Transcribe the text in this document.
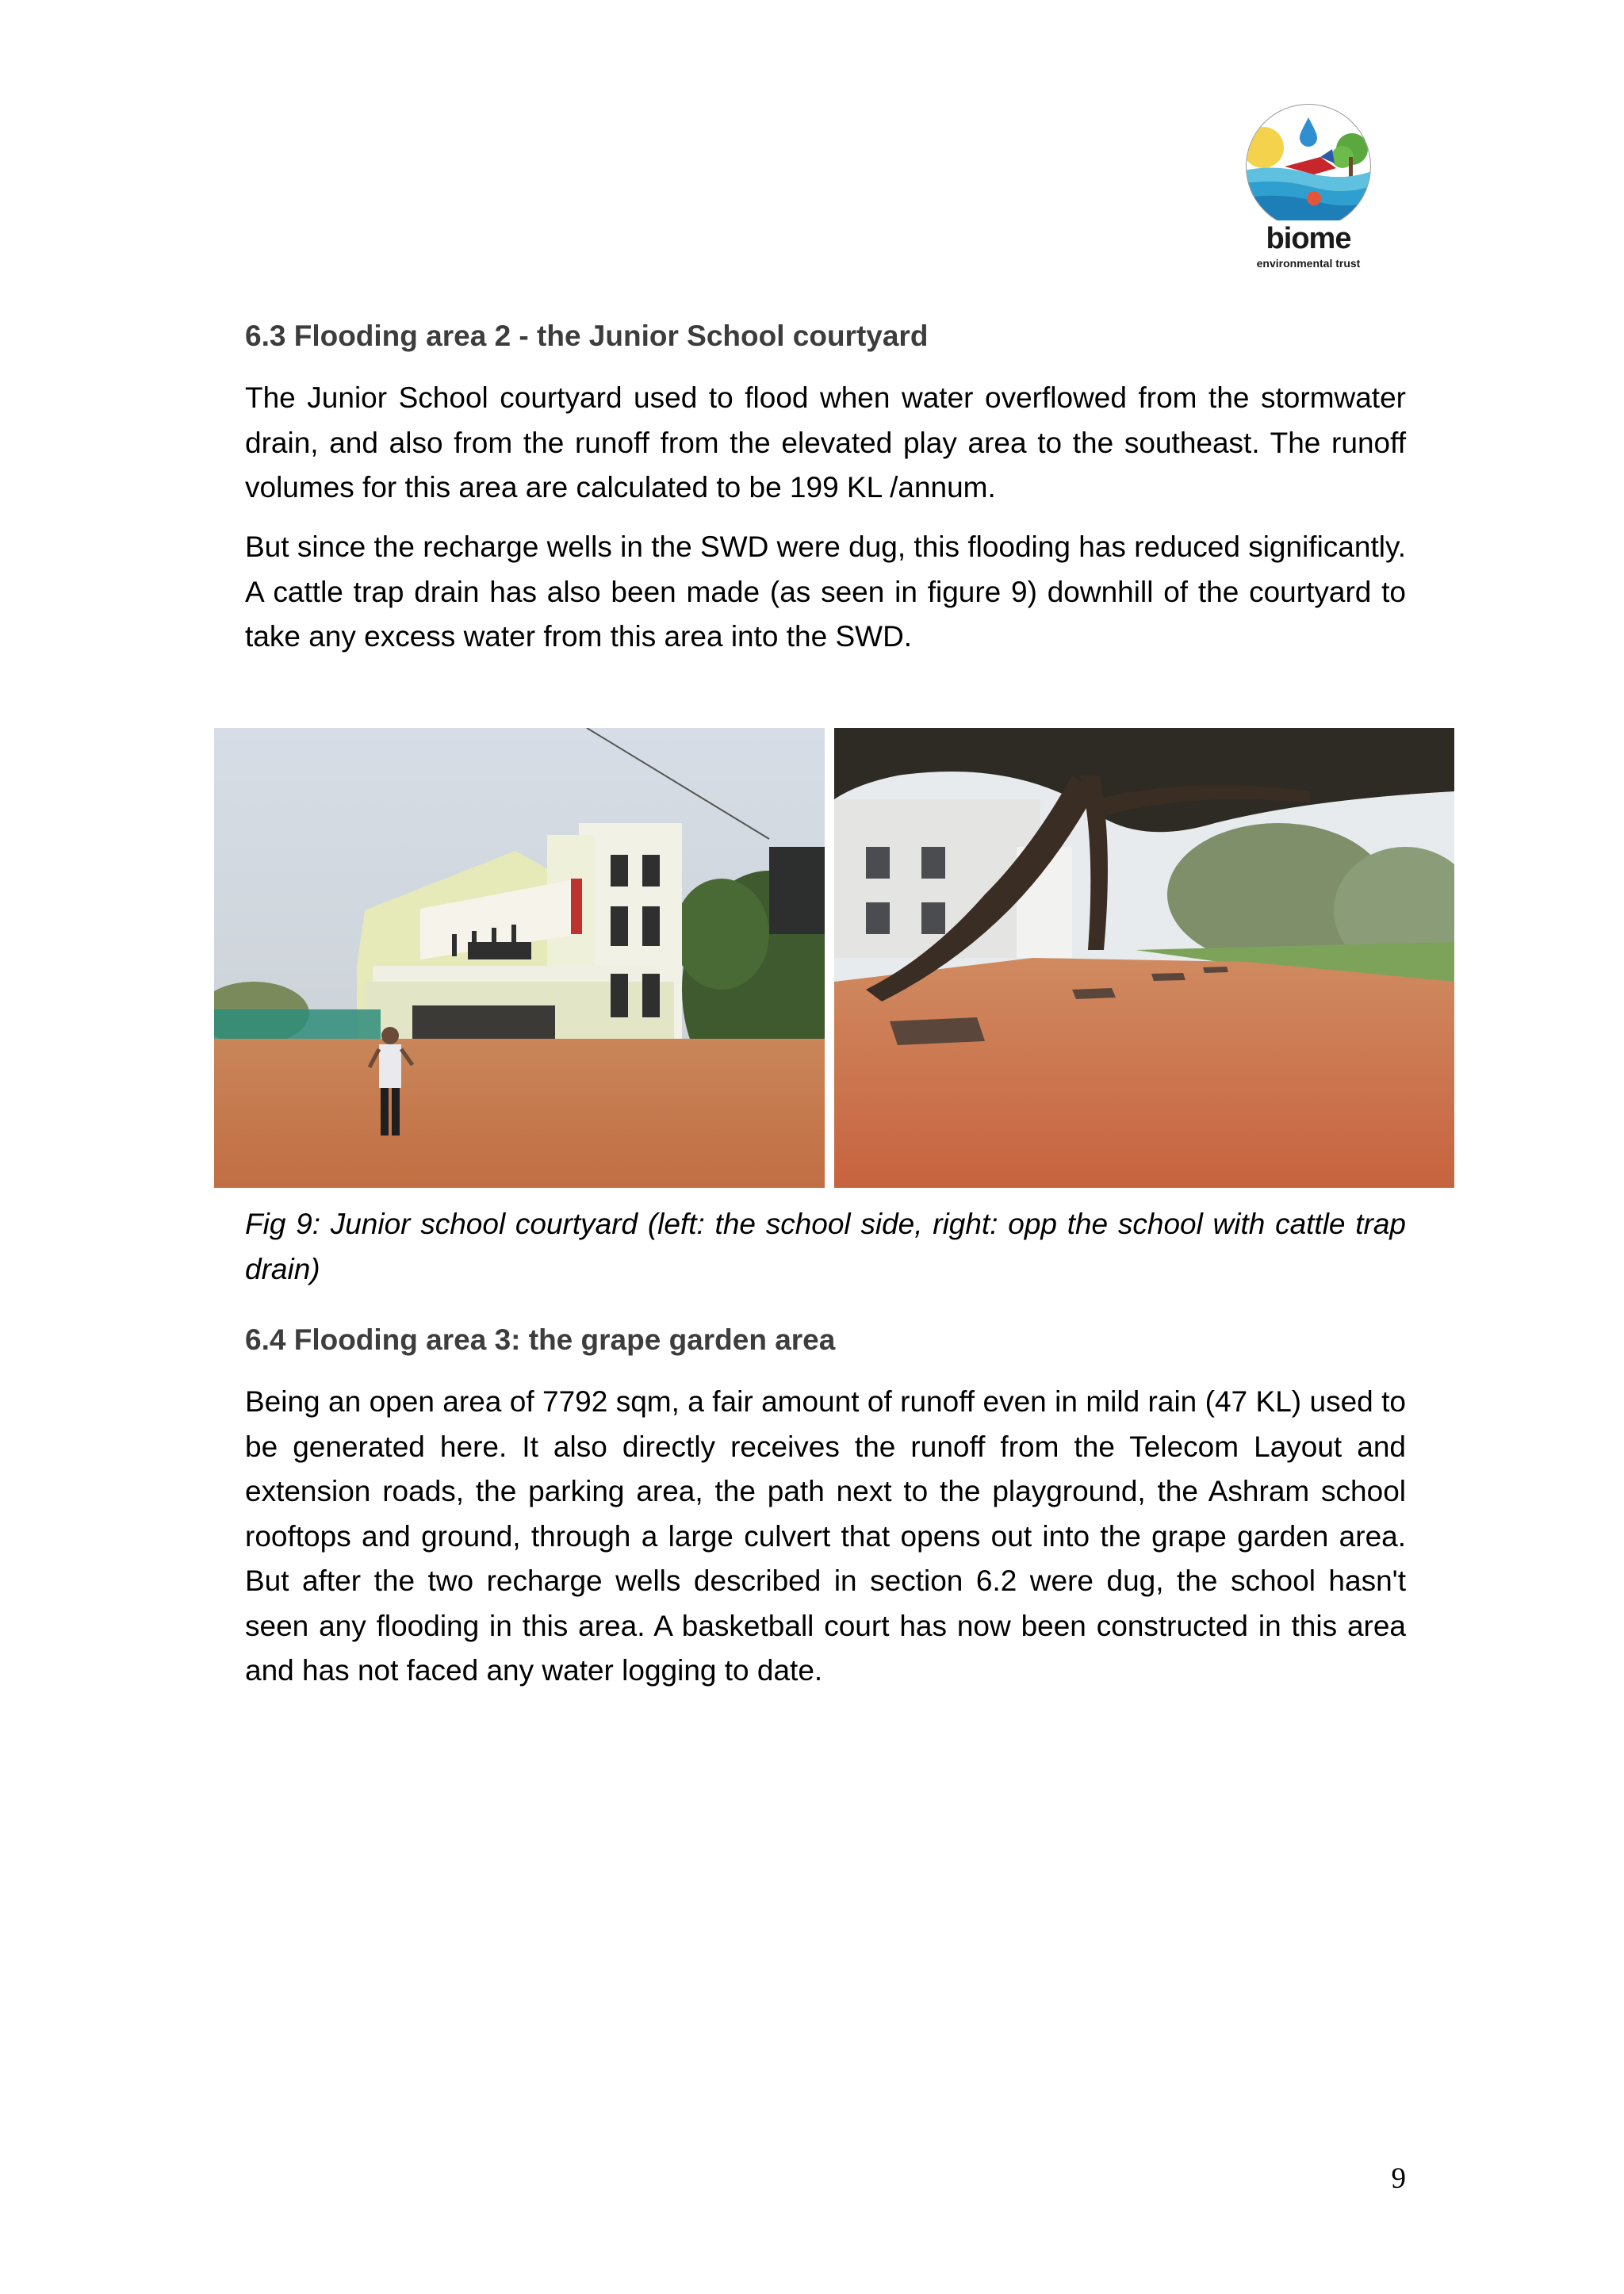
biome
environmental trust
6.3 Flooding area 2 - the Junior School courtyard
The Junior School courtyard used to flood when water overflowed from the stormwater drain, and also from the runoff from the elevated play area to the southeast. The runoff volumes for this area are calculated to be 199 KL /annum.
But since the recharge wells in the SWD were dug, this flooding has reduced significantly. A cattle trap drain has also been made (as seen in figure 9) downhill of the courtyard to take any excess water from this area into the SWD.
Fig 9: Junior school courtyard (left: the school side, right: opp the school with cattle trap drain)
6.4 Flooding area 3: the grape garden area
Being an open area of 7792 sqm, a fair amount of runoff even in mild rain (47 KL) used to be generated here. It also directly receives the runoff from the Telecom Layout and extension roads, the parking area, the path next to the playground, the Ashram school rooftops and ground, through a large culvert that opens out into the grape garden area. But after the two recharge wells described in section 6.2 were dug, the school hasn't seen any flooding in this area. A basketball court has now been constructed in this area and has not faced any water logging to date.
9
